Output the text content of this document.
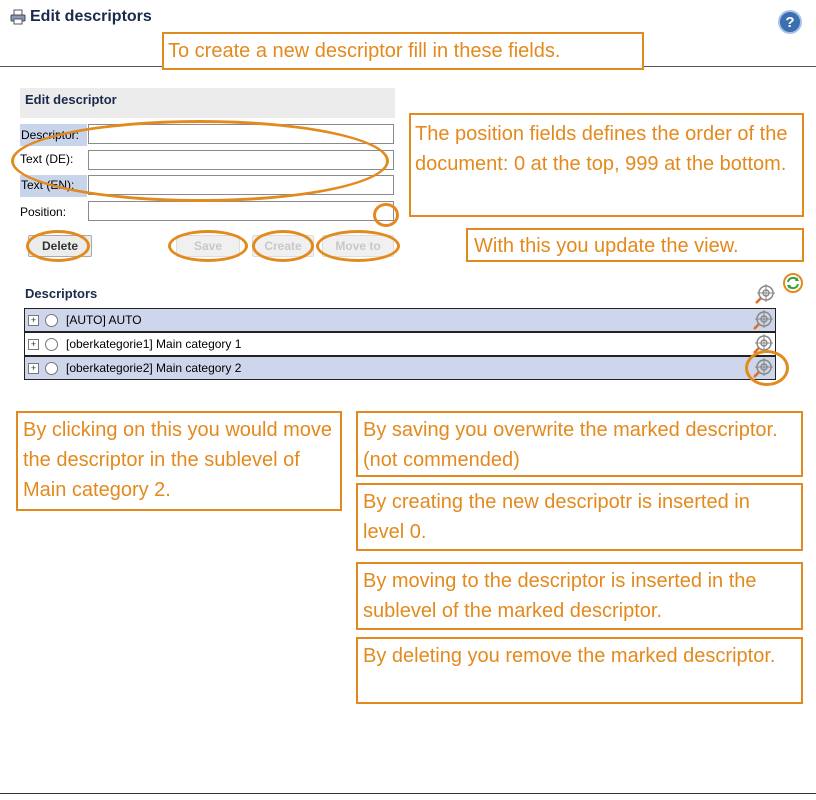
Edit descriptors	?
To create a new descriptor fill in these fields.
Edit descriptor
Descriptor:
Text (DE):
Text (EN):
Position:
Delete	Save	Create	Move to
The position fields defines the order of the document: 0 at the top, 999 at the bottom.
With this you update the view.
Descriptors
+ [AUTO] AUTO
+ [oberkategorie1] Main category 1
+ [oberkategorie2] Main category 2
By clicking on this you would move the descriptor in the sublevel of Main category 2.
By saving you overwrite the marked descriptor. (not commended)
By creating the new descripotr is inserted in level 0.
By moving to the descriptor is inserted in the sublevel of the marked descriptor.
By deleting you remove the marked descriptor.
